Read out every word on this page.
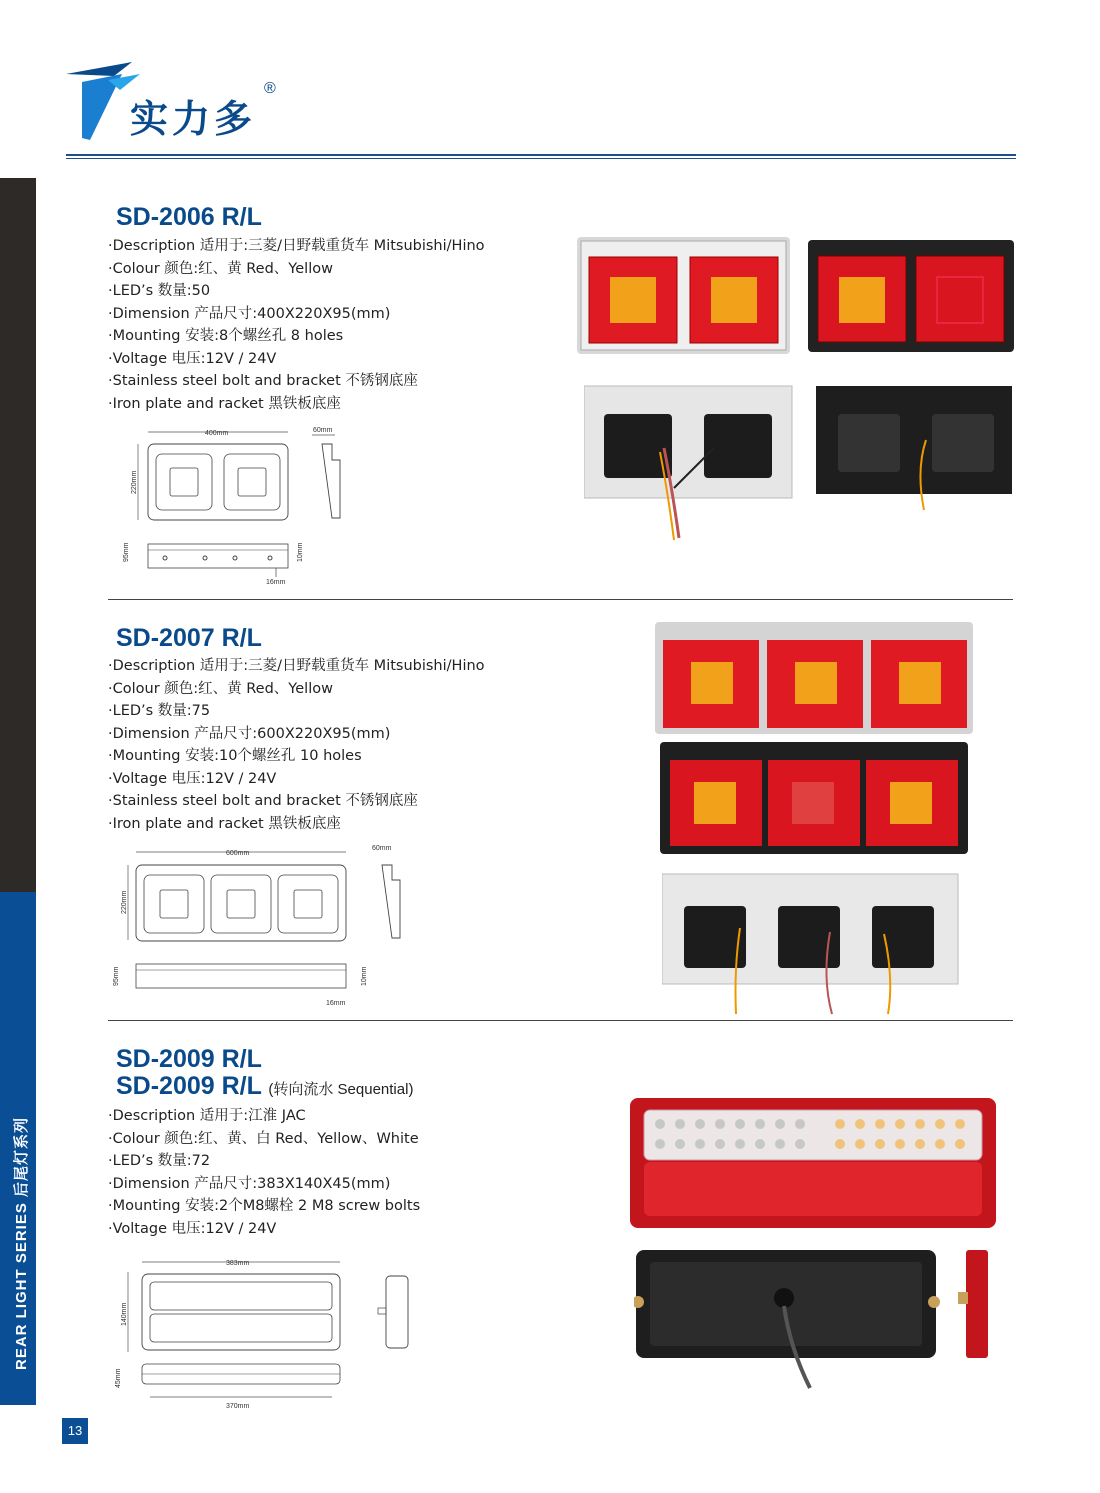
实力多
®
REAR LIGHT SERIES 后尾灯系列
13
SD-2006 R/L
·Description 适用于:三菱/日野载重货车 Mitsubishi/Hino
·Colour 颜色:红、黄 Red、Yellow
·LED’s 数量:50
·Dimension 产品尺寸:400X220X95(mm)
·Mounting 安装:8个螺丝孔 8 holes
·Voltage 电压:12V / 24V
·Stainless steel bolt and bracket 不锈钢底座
·Iron plate and racket 黑铁板底座
400mm
220mm
60mm
95mm	10mm
16mm
SD-2007 R/L
·Description 适用于:三菱/日野载重货车 Mitsubishi/Hino
·Colour 颜色:红、黄 Red、Yellow
·LED’s 数量:75
·Dimension 产品尺寸:600X220X95(mm)
·Mounting 安装:10个螺丝孔 10 holes
·Voltage 电压:12V / 24V
·Stainless steel bolt and bracket 不锈钢底座
·Iron plate and racket 黑铁板底座
600mm
220mm
60mm
95mm	10mm
16mm
SD-2009 R/L
SD-2009 R/L (转向流水 Sequential)
·Description 适用于:江淮 JAC
·Colour 颜色:红、黄、白 Red、Yellow、White
·LED’s 数量:72
·Dimension 产品尺寸:383X140X45(mm)
·Mounting 安装:2个M8螺栓 2 M8 screw bolts
·Voltage 电压:12V / 24V
383mm
140mm
45mm
370mm
